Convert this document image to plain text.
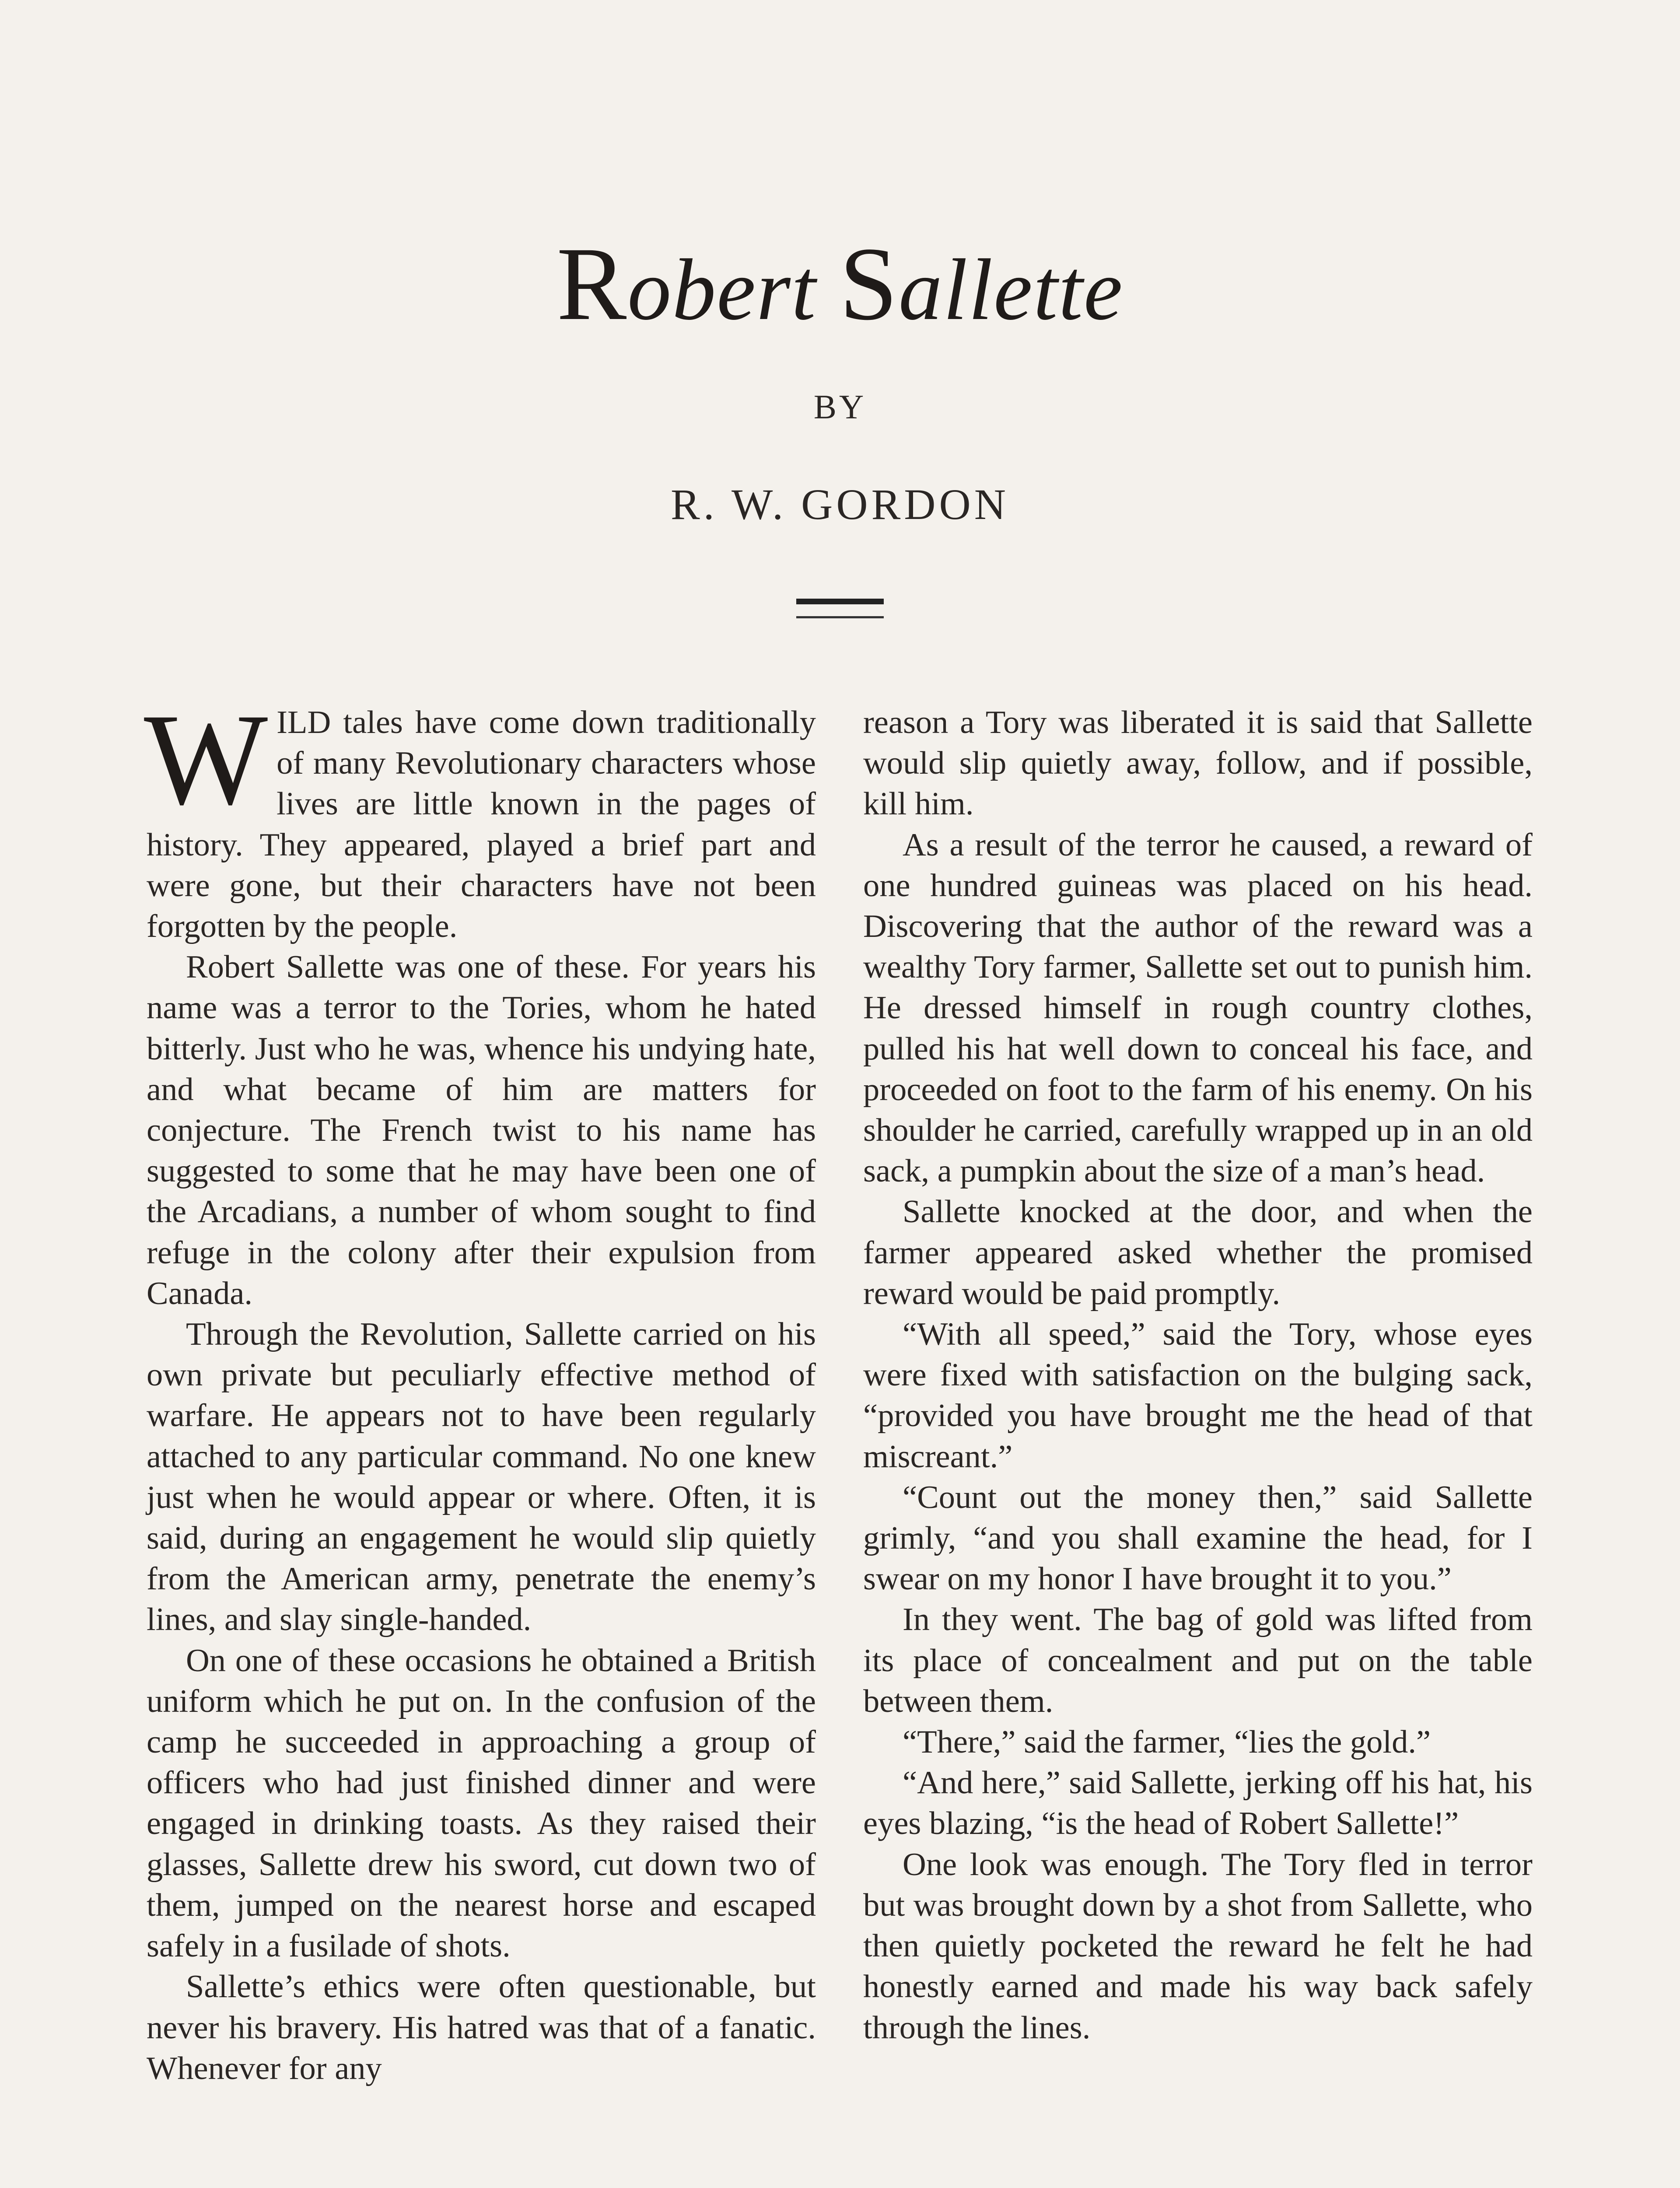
Robert Sallette
BY
R. W. GORDON

WILD tales have come down traditionally of many Revolutionary characters whose lives are little known in the pages of history. They appeared, played a brief part and were gone, but their characters have not been forgotten by the people.

Robert Sallette was one of these. For years his name was a terror to the Tories, whom he hated bitterly. Just who he was, whence his undying hate, and what became of him are matters for conjecture. The French twist to his name has suggested to some that he may have been one of the Arcadians, a number of whom sought to find refuge in the colony after their expulsion from Canada.

Through the Revolution, Sallette carried on his own private but peculiarly effective method of warfare. He appears not to have been regularly attached to any particular command. No one knew just when he would appear or where. Often, it is said, during an engagement he would slip quietly from the American army, penetrate the enemy’s lines, and slay single-handed.

On one of these occasions he obtained a British uniform which he put on. In the confusion of the camp he succeeded in approaching a group of officers who had just finished dinner and were engaged in drinking toasts. As they raised their glasses, Sallette drew his sword, cut down two of them, jumped on the nearest horse and escaped safely in a fusilade of shots.

Sallette’s ethics were often questionable, but never his bravery. His hatred was that of a fanatic. Whenever for any

reason a Tory was liberated it is said that Sallette would slip quietly away, follow, and if possible, kill him.

As a result of the terror he caused, a reward of one hundred guineas was placed on his head. Discovering that the author of the reward was a wealthy Tory farmer, Sallette set out to punish him. He dressed himself in rough country clothes, pulled his hat well down to conceal his face, and proceeded on foot to the farm of his enemy. On his shoulder he carried, carefully wrapped up in an old sack, a pumpkin about the size of a man’s head.

Sallette knocked at the door, and when the farmer appeared asked whether the promised reward would be paid promptly.

“With all speed,” said the Tory, whose eyes were fixed with satisfaction on the bulging sack, “provided you have brought me the head of that miscreant.”

“Count out the money then,” said Sallette grimly, “and you shall examine the head, for I swear on my honor I have brought it to you.”

In they went. The bag of gold was lifted from its place of concealment and put on the table between them.

“There,” said the farmer, “lies the gold.”

“And here,” said Sallette, jerking off his hat, his eyes blazing, “is the head of Robert Sallette!”

One look was enough. The Tory fled in terror but was brought down by a shot from Sallette, who then quietly pocketed the reward he felt he had honestly earned and made his way back safely through the lines.
